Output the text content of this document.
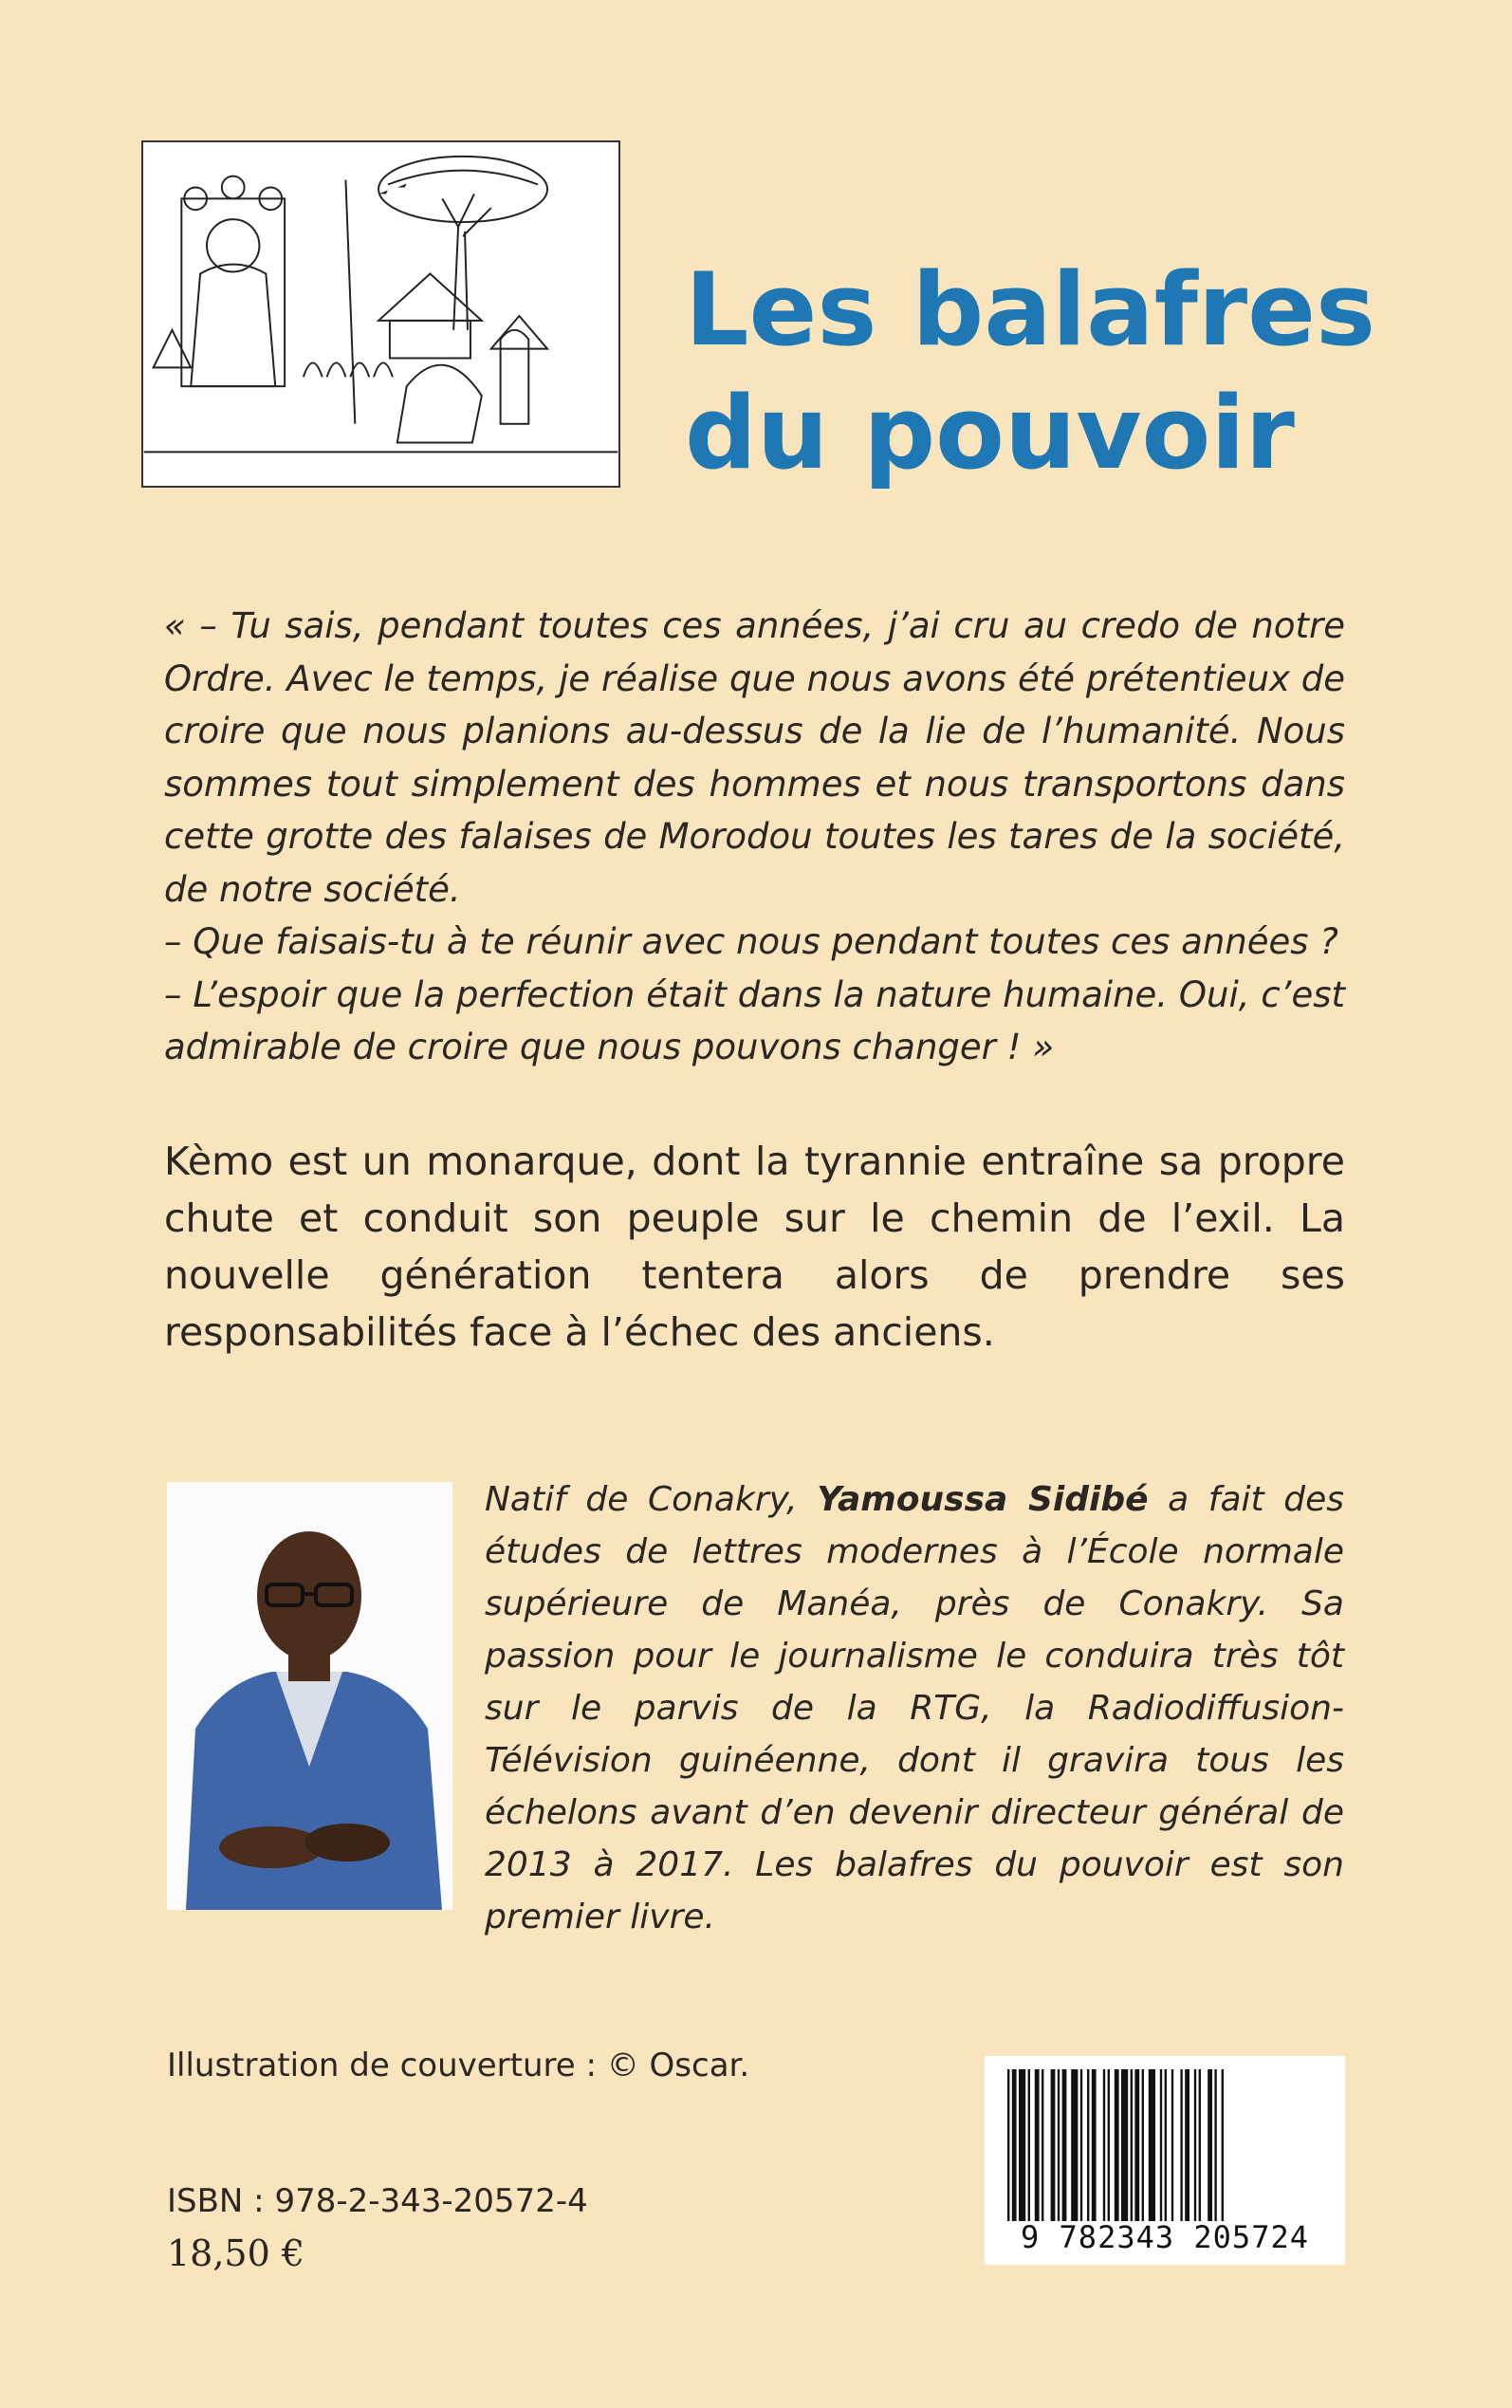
Les balafres
du pouvoir

« – Tu sais, pendant toutes ces années, j’ai cru au credo de notre Ordre. Avec le temps, je réalise que nous avons été prétentieux de croire que nous planions au-dessus de la lie de l’humanité. Nous sommes tout simplement des hommes et nous transportons dans cette grotte des falaises de Morodou toutes les tares de la société, de notre société.

– Que faisais-tu à te réunir avec nous pendant toutes ces années ?

– L’espoir que la perfection était dans la nature humaine. Oui, c’est admirable de croire que nous pouvons changer ! »

Kèmo est un monarque, dont la tyrannie entraîne sa propre chute et conduit son peuple sur le chemin de l’exil. La nouvelle génération tentera alors de prendre ses responsabilités face à l’échec des anciens.
Natif de Conakry, Yamoussa Sidibé a fait des études de lettres modernes à l’École normale supérieure de Manéa, près de Conakry. Sa passion pour le journalisme le conduira très tôt sur le parvis de la RTG, la Radiodiffusion-Télévision guinéenne, dont il gravira tous les échelons avant d’en devenir directeur général de 2013 à 2017. Les balafres du pouvoir est son premier livre.
Illustration de couverture : © Oscar.
ISBN : 978-2-343-20572-4
18,50 €	9 782343 205724
